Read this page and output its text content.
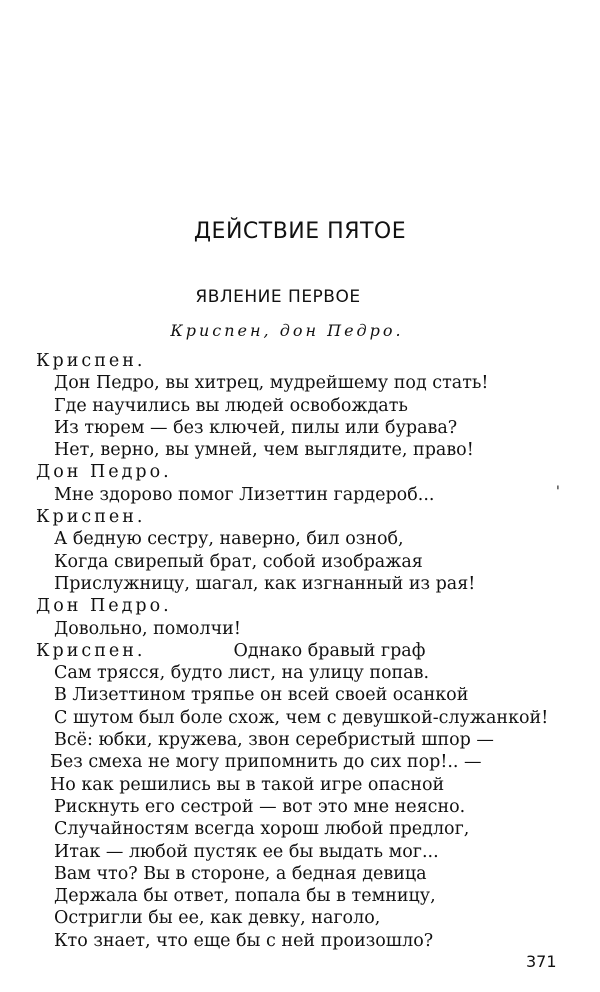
ДЕЙСТВИЕ ПЯТОЕ
ЯВЛЕНИЕ ПЕРВОЕ

Криспен, дон Педро.

Криспен.
Дон Педро, вы хитрец, мудрейшему под стать!
Где научились вы людей освобождать
Из тюрем — без ключей, пилы или бурава?
Нет, верно, вы умней, чем выглядите, право!
Дон Педро.
Мне здорово помог Лизеттин гардероб...
Криспен.
А бедную сестру, наверно, бил озноб,
Когда свирепый брат, собой изображая
Прислужницу, шагал, как изгнанный из рая!
Дон Педро.
Довольно, помолчи!
Криспен.	Однако бравый граф
Сам трясся, будто лист, на улицу попав.
В Лизеттином тряпье он всей своей осанкой
С шутом был боле схож, чем с девушкой-служанкой!
Всё: юбки, кружева, звон серебристый шпор —
Без смеха не могу припомнить до сих пор!.. —
Но как решились вы в такой игре опасной
Рискнуть его сестрой — вот это мне неясно.
Случайностям всегда хорош любой предлог,
Итак — любой пустяк ее бы выдать мог...
Вам что? Вы в стороне, а бедная девица
Держала бы ответ, попала бы в темницу,
Остригли бы ее, как девку, наголо,
Кто знает, что еще бы с ней произошло?
'
371
